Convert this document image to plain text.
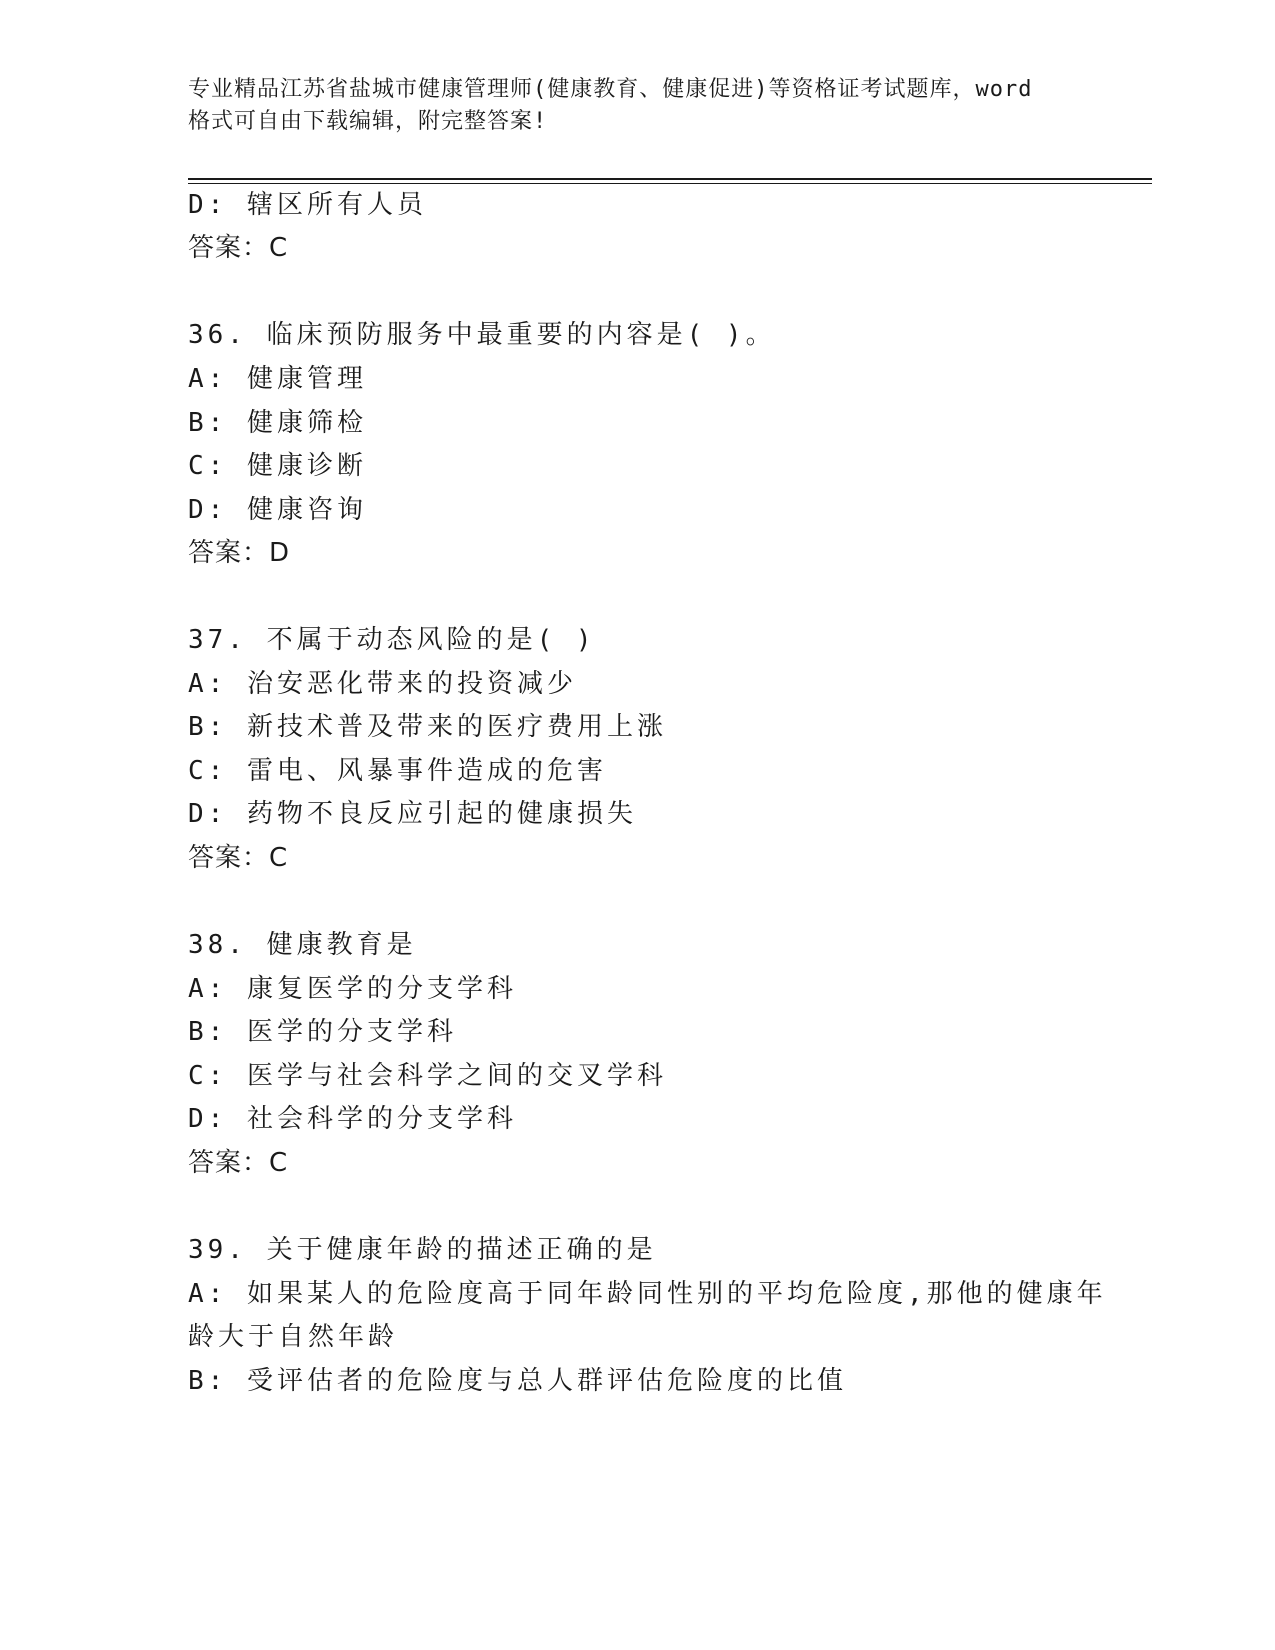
专业精品江苏省盐城市健康管理师(健康教育、健康促进)等资格证考试题库，word
格式可自由下载编辑，附完整答案!
D: 辖区所有人员
答案：C
36. 临床预防服务中最重要的内容是( )。
A: 健康管理
B: 健康筛检
C: 健康诊断
D: 健康咨询
答案：D
37. 不属于动态风险的是( )
A: 治安恶化带来的投资减少
B: 新技术普及带来的医疗费用上涨
C: 雷电、风暴事件造成的危害
D: 药物不良反应引起的健康损失
答案：C
38. 健康教育是
A: 康复医学的分支学科
B: 医学的分支学科
C: 医学与社会科学之间的交叉学科
D: 社会科学的分支学科
答案：C
39. 关于健康年龄的描述正确的是
A: 如果某人的危险度高于同年龄同性别的平均危险度,那他的健康年
龄大于自然年龄
B: 受评估者的危险度与总人群评估危险度的比值
